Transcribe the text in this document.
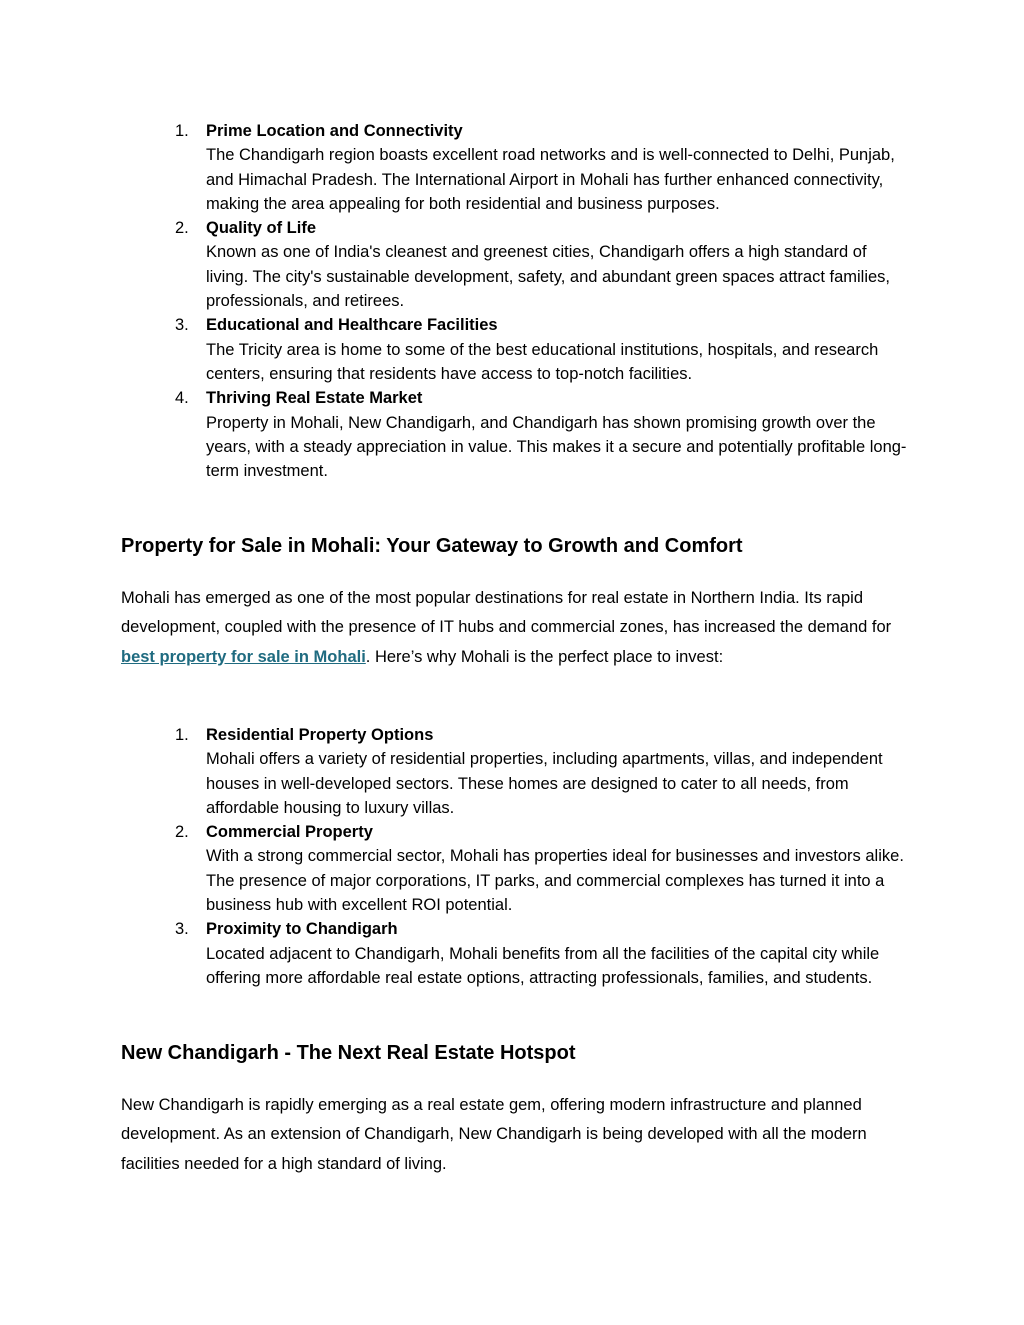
1.	Prime Location and Connectivity
The Chandigarh region boasts excellent road networks and is well-connected to Delhi, Punjab, and Himachal Pradesh. The International Airport in Mohali has further enhanced connectivity, making the area appealing for both residential and business purposes.
2.	Quality of Life
Known as one of India's cleanest and greenest cities, Chandigarh offers a high standard of living. The city's sustainable development, safety, and abundant green spaces attract families, professionals, and retirees.
3.	Educational and Healthcare Facilities
The Tricity area is home to some of the best educational institutions, hospitals, and research centers, ensuring that residents have access to top-notch facilities.
4.	Thriving Real Estate Market
Property in Mohali, New Chandigarh, and Chandigarh has shown promising growth over the years, with a steady appreciation in value. This makes it a secure and potentially profitable long-term investment.
Property for Sale in Mohali: Your Gateway to Growth and Comfort

Mohali has emerged as one of the most popular destinations for real estate in Northern India. Its rapid development, coupled with the presence of IT hubs and commercial zones, has increased the demand for best property for sale in Mohali. Here’s why Mohali is the perfect place to invest:

1.	Residential Property Options
Mohali offers a variety of residential properties, including apartments, villas, and independent houses in well-developed sectors. These homes are designed to cater to all needs, from affordable housing to luxury villas.
2.	Commercial Property
With a strong commercial sector, Mohali has properties ideal for businesses and investors alike. The presence of major corporations, IT parks, and commercial complexes has turned it into a business hub with excellent ROI potential.
3.	Proximity to Chandigarh
Located adjacent to Chandigarh, Mohali benefits from all the facilities of the capital city while offering more affordable real estate options, attracting professionals, families, and students.
New Chandigarh - The Next Real Estate Hotspot

New Chandigarh is rapidly emerging as a real estate gem, offering modern infrastructure and planned development. As an extension of Chandigarh, New Chandigarh is being developed with all the modern facilities needed for a high standard of living.
